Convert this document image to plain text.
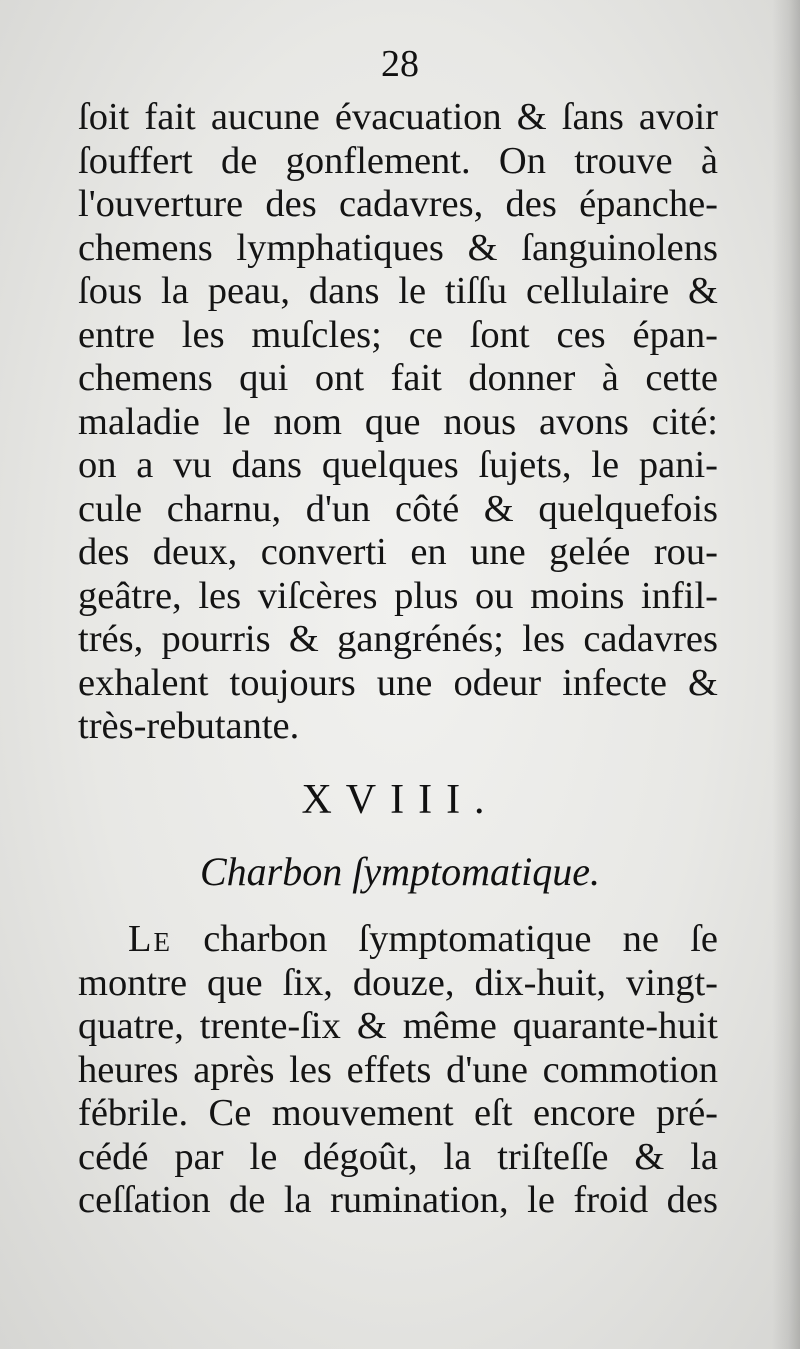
28
ſoit fait aucune évacuation & ſans avoir
ſouffert de gonflement. On trouve à
l'ouverture des cadavres, des épanche-
chemens lymphatiques & ſanguinolens
ſous la peau, dans le tiſſu cellulaire &
entre les muſcles; ce ſont ces épan-
chemens qui ont fait donner à cette
maladie le nom que nous avons cité:
on a vu dans quelques ſujets, le pani-
cule charnu, d'un côté & quelquefois
des deux, converti en une gelée rou-
geâtre, les viſcères plus ou moins infil-
trés, pourris & gangrénés; les cadavres
exhalent toujours une odeur infecte &
très-rebutante.
XVIII.
Charbon ſymptomatique.
Le charbon ſymptomatique ne ſe
montre que ſix, douze, dix-huit, vingt-
quatre, trente-ſix & même quarante-huit
heures après les effets d'une commotion
fébrile. Ce mouvement eſt encore pré-
cédé par le dégoût, la triſteſſe & la
ceſſation de la rumination, le froid des
